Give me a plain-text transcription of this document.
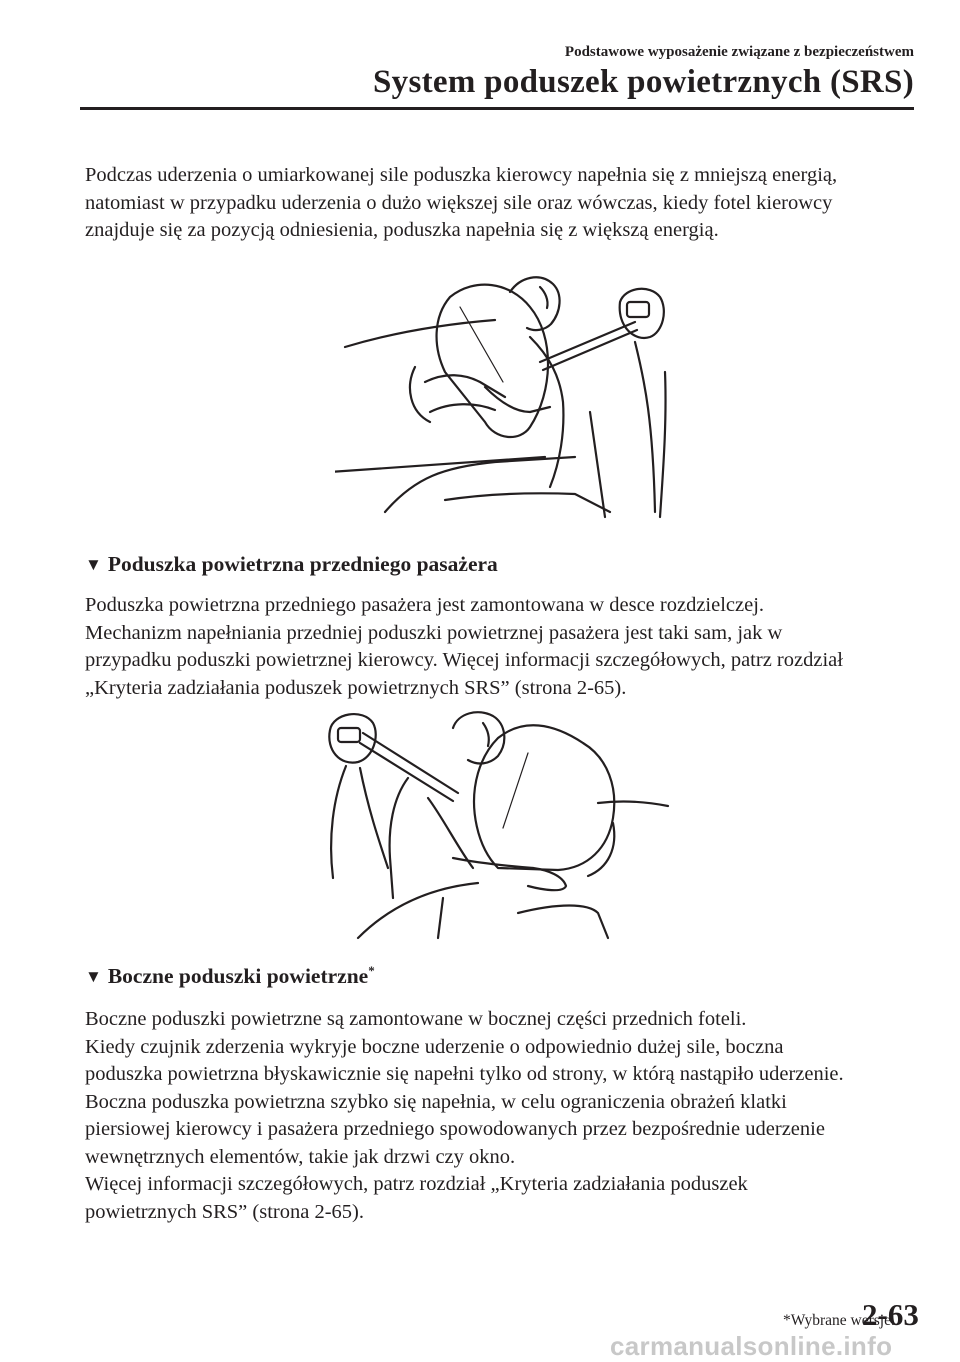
Podstawowe wyposażenie związane z bezpieczeństwem
System poduszek powietrznych (SRS)
Podczas uderzenia o umiarkowanej sile poduszka kierowcy napełnia się z mniejszą energią,
natomiast w przypadku uderzenia o dużo większej sile oraz wówczas, kiedy fotel kierowcy
znajduje się za pozycją odniesienia, poduszka napełnia się z większą energią.
▼ Poduszka powietrzna przedniego pasażera
Poduszka powietrzna przedniego pasażera jest zamontowana w desce rozdzielczej.
Mechanizm napełniania przedniej poduszki powietrznej pasażera jest taki sam, jak w
przypadku poduszki powietrznej kierowcy. Więcej informacji szczegółowych, patrz rozdział
„Kryteria zadziałania poduszek powietrznych SRS” (strona 2-65).
▼ Boczne poduszki powietrzne*
Boczne poduszki powietrzne są zamontowane w bocznej części przednich foteli.
Kiedy czujnik zderzenia wykryje boczne uderzenie o odpowiednio dużej sile, boczna
poduszka powietrzna błyskawicznie się napełni tylko od strony, w którą nastąpiło uderzenie.
Boczna poduszka powietrzna szybko się napełnia, w celu ograniczenia obrażeń klatki
piersiowej kierowcy i pasażera przedniego spowodowanych przez bezpośrednie uderzenie
wewnętrznych elementów, takie jak drzwi czy okno.
Więcej informacji szczegółowych, patrz rozdział „Kryteria zadziałania poduszek
powietrznych SRS” (strona 2-65).
*Wybrane wersje.
2-63
carmanualsonline.info
